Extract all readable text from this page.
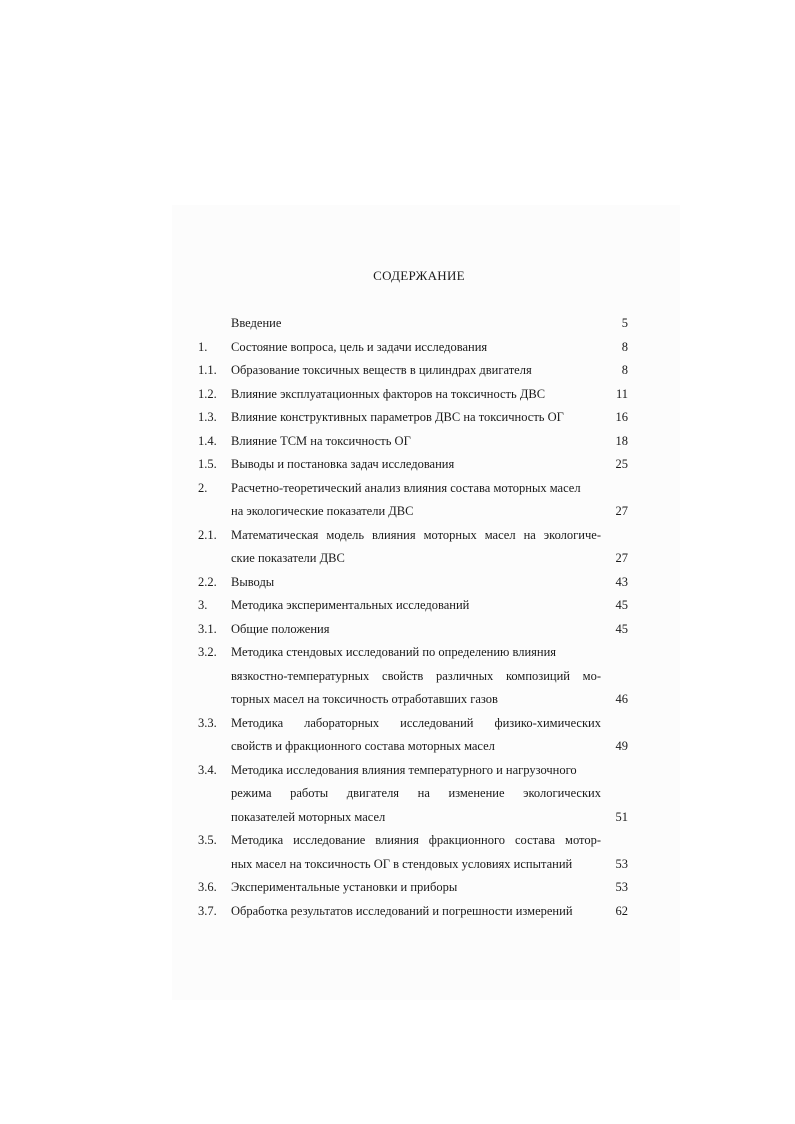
СОДЕРЖАНИЕ
Введение	5
1.	Состояние вопроса, цель и задачи исследования	8
1.1.	Образование токсичных веществ в цилиндрах двигателя	8
1.2.	Влияние эксплуатационных факторов на токсичность ДВС	11
1.3.	Влияние конструктивных параметров ДВС на токсичность ОГ	16
1.4.	Влияние ТСМ на токсичность ОГ	18
1.5.	Выводы и постановка задач исследования	25
2.	Расчетно-теоретический анализ влияния состава моторных масел
на экологические показатели ДВС	27
2.1.	Математическая модель влияния моторных масел на экологиче-
ские показатели ДВС	27
2.2.	Выводы	43
3.	Методика экспериментальных исследований	45
3.1.	Общие положения	45
3.2.	Методика стендовых исследований по определению влияния
вязкостно-температурных свойств различных композиций мо-
торных масел на токсичность отработавших газов	46
3.3.	Методика лабораторных исследований физико-химических
свойств и фракционного состава моторных масел	49
3.4.	Методика исследования влияния температурного и нагрузочного
режима работы двигателя на изменение экологических
показателей моторных масел	51
3.5.	Методика исследование влияния фракционного состава мотор-
ных масел на токсичность ОГ в стендовых условиях испытаний	53
3.6.	Экспериментальные установки и приборы	53
3.7.	Обработка результатов исследований и погрешности измерений	62
